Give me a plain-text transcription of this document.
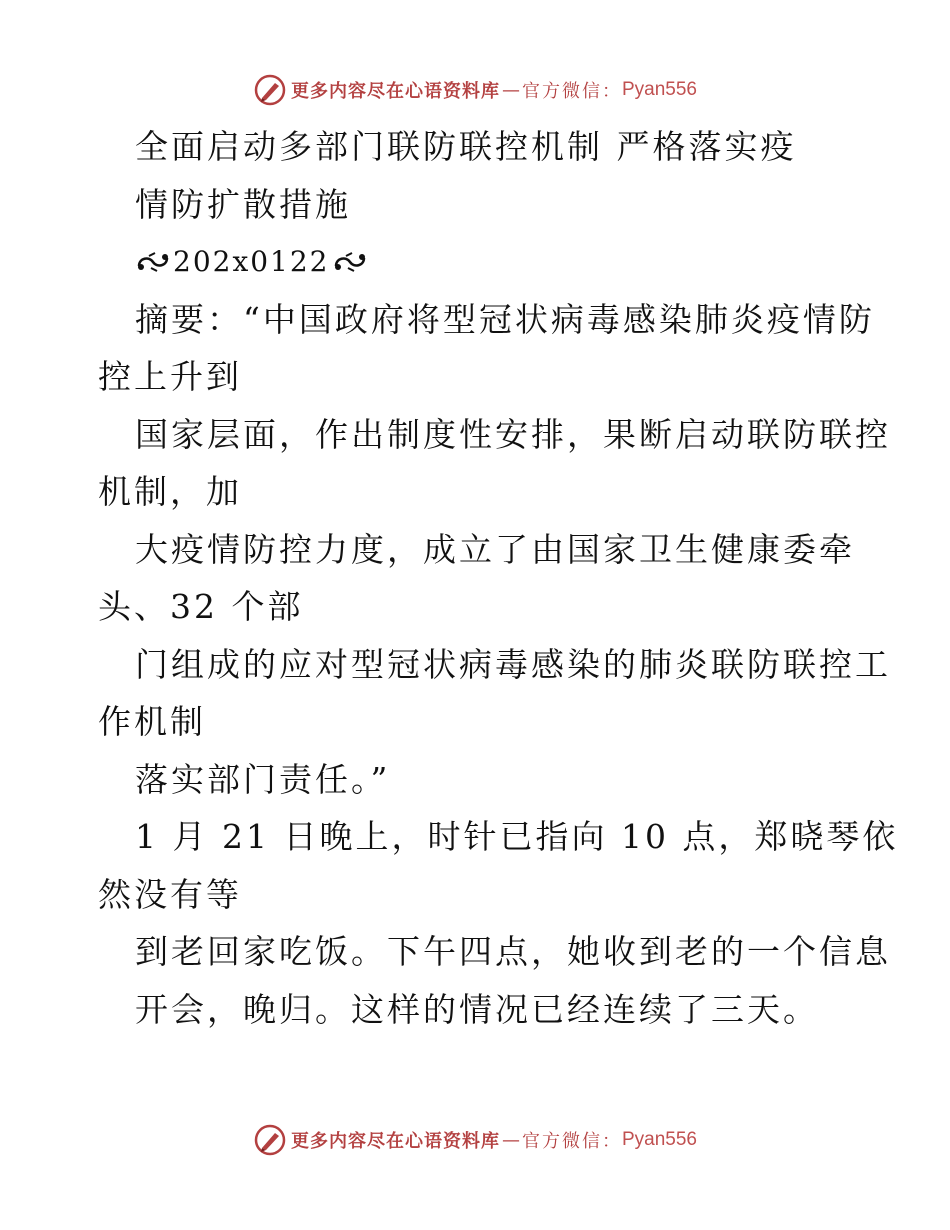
更多内容尽在心语资料库 — 官方微信： Pyan556
全面启动多部门联防联控机制 严格落实疫
情防扩散措施
202x0122
摘要：“中国政府将型冠状病毒感染肺炎疫情防
控上升到
国家层面，作出制度性安排，果断启动联防联控
机制，加
大疫情防控力度，成立了由国家卫生健康委牵
头、32 个部
门组成的应对型冠状病毒感染的肺炎联防联控工
作机制
落实部门责任。”
1 月 21 日晚上，时针已指向 10 点，郑晓琴依
然没有等
到老回家吃饭。下午四点，她收到老的一个信息
开会，晚归。这样的情况已经连续了三天。
更多内容尽在心语资料库 — 官方微信： Pyan556
